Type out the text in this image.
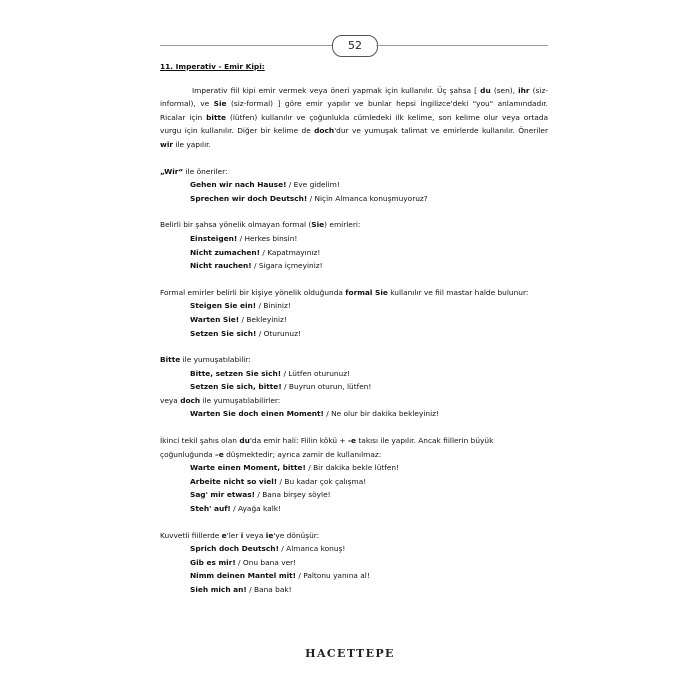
52
11. Imperativ - Emir Kipi:

Imperativ fiil kipi emir vermek veya öneri yapmak için kullanılır. Üç şahsa [ du (sen), ihr (siz-informal), ve Sie (siz-formal) ] göre emir yapılır ve bunlar hepsi İngilizce'deki "you" anlamındadır. Ricalar için bitte (lütfen) kullanılır ve çoğunlukla cümledeki ilk kelime, son kelime olur veya ortada vurgu için kullanılır. Diğer bir kelime de doch'dur ve yumuşak talimat ve emirlerde kullanılır. Öneriler wir ile yapılır.

„Wir“ ile öneriler:
Gehen wir nach Hause! / Eve gidelim!
Sprechen wir doch Deutsch! / Niçin Almanca konuşmuyoruz?
Belirli bir şahsa yönelik olmayan formal (Sie) emirleri:
Einsteigen! / Herkes binsin!
Nicht zumachen! / Kapatmayınız!
Nicht rauchen! / Sigara içmeyiniz!
Formal emirler belirli bir kişiye yönelik olduğunda formal Sie kullanılır ve fiil mastar halde bulunur:
Steigen Sie ein! / Bininiz!
Warten Sie! / Bekleyiniz!
Setzen Sie sich! / Oturunuz!
Bitte ile yumuşatılabilir:
Bitte, setzen Sie sich! / Lütfen oturunuz!
Setzen Sie sich, bitte! / Buyrun oturun, lütfen!
veya doch ile yumuşatılabilirler:
Warten Sie doch einen Moment! / Ne olur bir dakika bekleyiniz!
İkinci tekil şahıs olan du'da emir hali: Fiilin kökü + -e takısı ile yapılır. Ancak fiillerin büyük
çoğunluğunda –e düşmektedir; ayrıca zamir de kullanılmaz:
Warte einen Moment, bitte! / Bir dakika bekle lütfen!
Arbeite nicht so viel! / Bu kadar çok çalışma!
Sag' mir etwas! / Bana birşey söyle!
Steh' auf! / Ayağa kalk!
Kuvvetli fiillerde e'ler i veya ie'ye dönüşür:
Sprich doch Deutsch! / Almanca konuş!
Gib es mir! / Onu bana ver!
Nimm deinen Mantel mit! / Paltonu yanına al!
Sieh mich an! / Bana bak!
HACETTEPE
